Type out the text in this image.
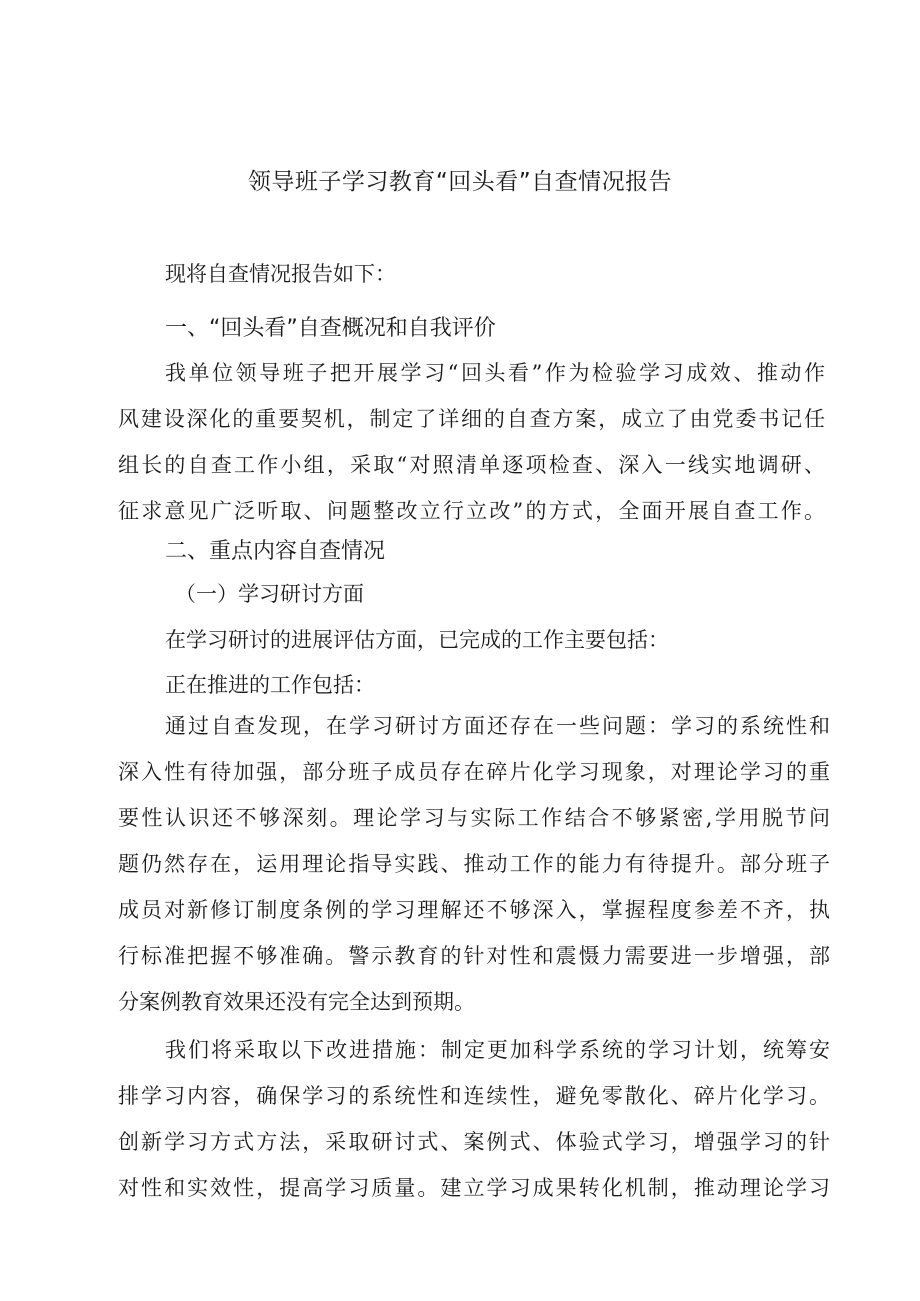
领导班子学习教育“回头看”自查情况报告

现将自查情况报告如下：

一、“回头看”自查概况和自我评价

我单位领导班子把开展学习“回头看”作为检验学习成效、推动作

风建设深化的重要契机，制定了详细的自查方案，成立了由党委书记任

组长的自查工作小组，采取“对照清单逐项检查、深入一线实地调研、

征求意见广泛听取、问题整改立行立改”的方式，全面开展自查工作。

二、重点内容自查情况

（一）学习研讨方面

在学习研讨的进展评估方面，已完成的工作主要包括：

正在推进的工作包括：

通过自查发现，在学习研讨方面还存在一些问题：学习的系统性和

深入性有待加强，部分班子成员存在碎片化学习现象，对理论学习的重

要性认识还不够深刻。理论学习与实际工作结合不够紧密,学用脱节问

题仍然存在，运用理论指导实践、推动工作的能力有待提升。部分班子

成员对新修订制度条例的学习理解还不够深入，掌握程度参差不齐，执

行标准把握不够准确。警示教育的针对性和震慑力需要进一步增强，部

分案例教育效果还没有完全达到预期。

我们将采取以下改进措施：制定更加科学系统的学习计划，统筹安

排学习内容，确保学习的系统性和连续性，避免零散化、碎片化学习。

创新学习方式方法，采取研讨式、案例式、体验式学习，增强学习的针

对性和实效性，提高学习质量。建立学习成果转化机制，推动理论学习
